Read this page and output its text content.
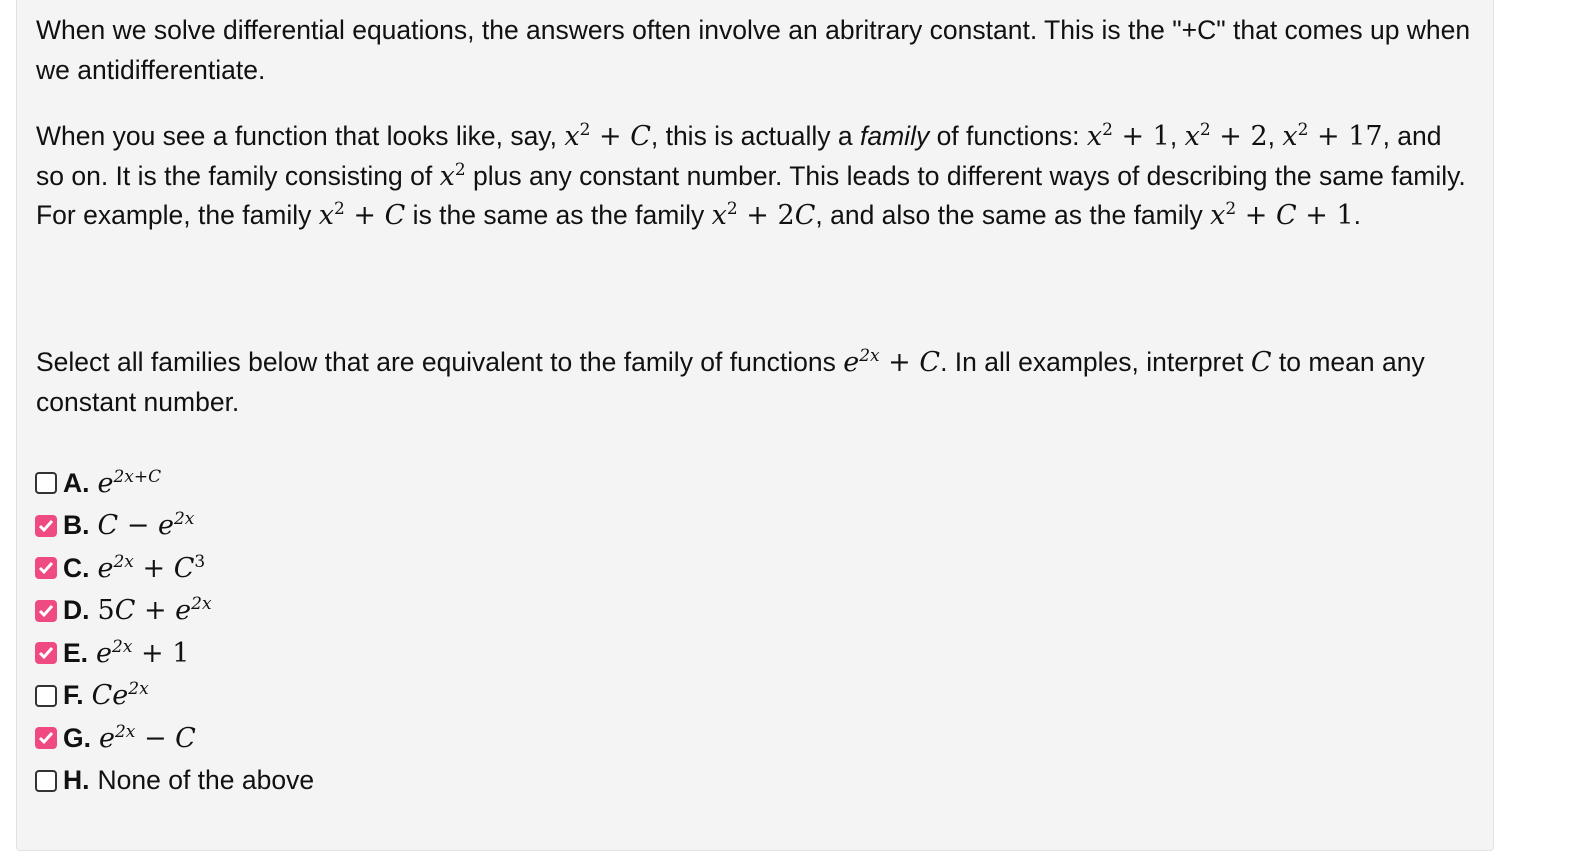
When we solve differential equations, the answers often involve an abritrary constant. This is the "+C" that comes up when we antidifferentiate.

When you see a function that looks like, say, $x^2 + C$, this is actually a family of functions: $x^2 + 1$, $x^2 + 2$, $x^2 + 17$, and so on. It is the family consisting of $x^2$ plus any constant number. This leads to different ways of describing the same family. For example, the family $x^2 + C$ is the same as the family $x^2 + 2C$, and also the same as the family $x^2 + C + 1$.

Select all families below that are equivalent to the family of functions $e^{2x} + C$. In all examples, interpret C to mean any constant number.

A. $e^{2x+C}$
B. $C - e^{2x}$
C. $e^{2x} + C^3$
D. $5C + e^{2x}$
E. $e^{2x} + 1$
F. $Ce^{2x}$
G. $e^{2x} - C$
H. None of the above
